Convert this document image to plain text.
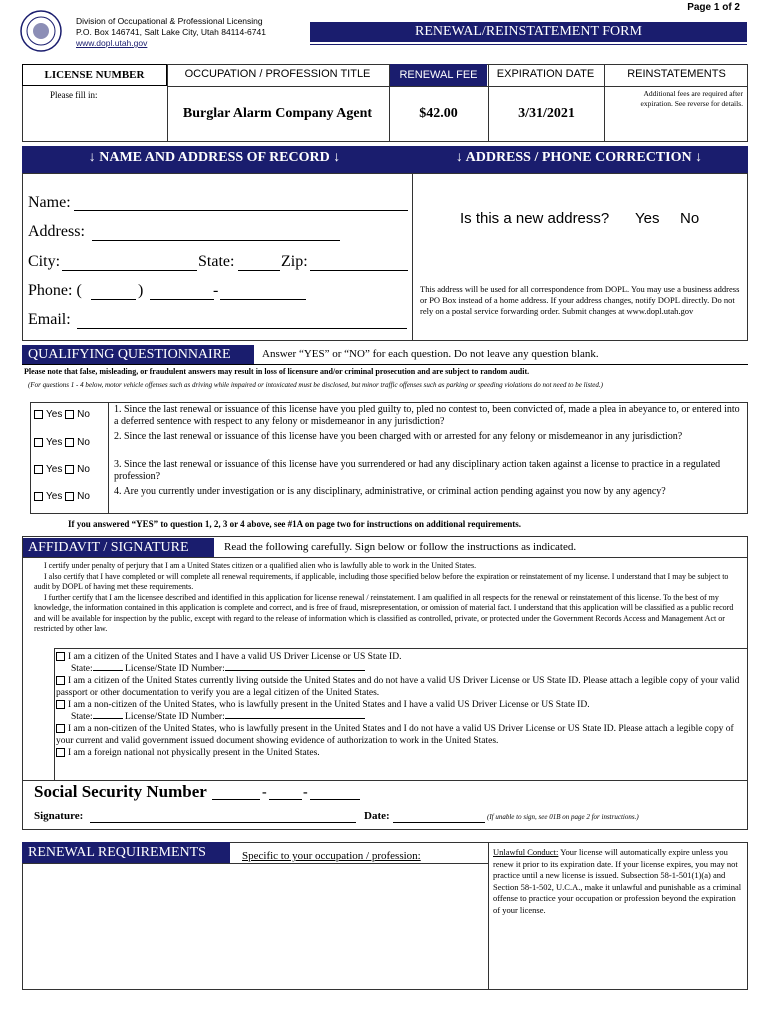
Page 1 of 2
Division of Occupational & Professional Licensing
P.O. Box 146741, Salt Lake City, Utah 84114-6741
www.dopl.utah.gov
RENEWAL/REINSTATEMENT FORM
LICENSE NUMBER	OCCUPATION / PROFESSION TITLE	RENEWAL FEE	EXPIRATION DATE	REINSTATEMENTS
Please fill in:
Burglar Alarm Company Agent	$42.00	3/31/2021
Additional fees are required after expiration. See reverse for details.
↓ NAME AND ADDRESS OF RECORD ↓	↓ ADDRESS / PHONE CORRECTION ↓
Name:
Address:
City:	State:	Zip:
Phone: (	)	-
Email:
Is this a new address? Yes No
This address will be used for all correspondence from DOPL. You may use a business address or PO Box instead of a home address. If your address changes, notify DOPL directly. Do not rely on a postal service forwarding order. Submit changes at www.dopl.utah.gov
QUALIFYING QUESTIONNAIRE	Answer “YES” or “NO” for each question. Do not leave any question blank.
Please note that false, misleading, or fraudulent answers may result in loss of licensure and/or criminal prosecution and are subject to random audit.
(For questions 1 - 4 below, motor vehicle offenses such as driving while impaired or intoxicated must be disclosed, but minor traffic offenses such as parking or speeding violations do not need to be listed.)
Yes No 1. Since the last renewal or issuance of this license have you pled guilty to, pled no contest to, been convicted of, made a plea in abeyance to, or entered into a deferred sentence with respect to any felony or misdemeanor in any jurisdiction?
Yes No
2. Since the last renewal or issuance of this license have you been charged with or arrested for any felony or misdemeanor in any jurisdiction?
Yes No 3. Since the last renewal or issuance of this license have you surrendered or had any disciplinary action taken against a license to practice in a regulated profession?
Yes No 4. Are you currently under investigation or is any disciplinary, administrative, or criminal action pending against you now by any agency?
If you answered “YES” to question 1, 2, 3 or 4 above, see #1A on page two for instructions on additional requirements.
AFFIDAVIT / SIGNATURE	Read the following carefully. Sign below or follow the instructions as indicated.
I certify under penalty of perjury that I am a United States citizen or a qualified alien who is lawfully able to work in the United States.
I also certify that I have completed or will complete all renewal requirements, if applicable, including those specified below before the expiration or reinstatement of my license. I understand that I may be subject to audit by DOPL of having met these requirements.
I further certify that I am the licensee described and identified in this application for license renewal / reinstatement. I am qualified in all respects for the renewal or reinstatement of this license. To the best of my knowledge, the information contained in this application is complete and correct, and is free of fraud, misrepresentation, or omission of material fact. I understand that this application will be classified as a public record and will be available for inspection by the public, except with regard to the release of information which is classified as controlled, private, or protected under the Government Records Access and Management Act or restricted by other law.
I am a citizen of the United States and I have a valid US Driver License or US State ID.
State:	License/State ID Number:
I am a citizen of the United States currently living outside the United States and do not have a valid US Driver License or US State ID. Please attach a legible copy of your valid passport or other documentation to verify you are a legal citizen of the United States.
I am a non-citizen of the United States, who is lawfully present in the United States and I have a valid US Driver License or US State ID.
State:	License/State ID Number:
I am a non-citizen of the United States, who is lawfully present in the United States and I do not have a valid US Driver License or US State ID. Please attach a legible copy of your current and valid government issued document showing evidence of authorization to work in the United States.
I am a foreign national not physically present in the United States.
Social Security Number	-	-
Signature:	Date:	(If unable to sign, see 01B on page 2 for instructions.)
RENEWAL REQUIREMENTS	Specific to your occupation / profession:	Unlawful Conduct: Your license will automatically expire unless you renew it prior to its expiration date. If your license expires, you may not practice until a new license is issued. Subsection 58-1-501(1)(a) and Section 58-1-502, U.C.A., make it unlawful and punishable as a criminal offense to practice your occupation or profession beyond the expiration of your license.
